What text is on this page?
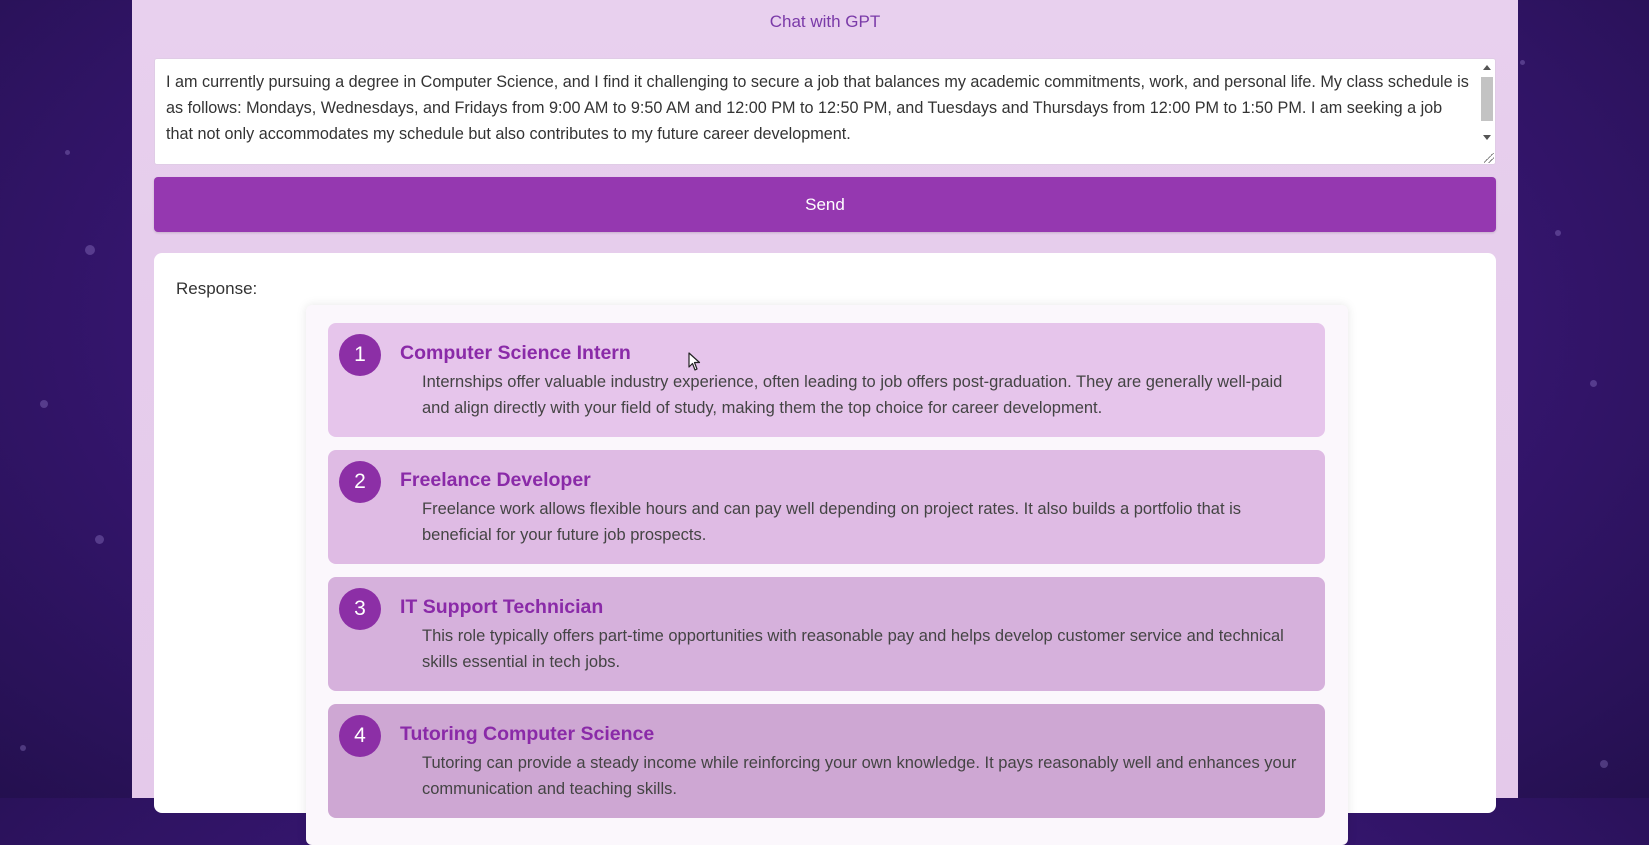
Chat with GPT
I am currently pursuing a degree in Computer Science, and I find it challenging to secure a job that balances my academic commitments, work, and personal life. My class schedule is as follows: Mondays, Wednesdays, and Fridays from 9:00 AM to 9:50 AM and 12:00 PM to 12:50 PM, and Tuesdays and Thursdays from 12:00 PM to 1:50 PM. I am seeking a job that not only accommodates my schedule but also contributes to my future career development.
Send
Response:
1	Computer Science Intern
Internships offer valuable industry experience, often leading to job offers post-graduation. They are generally well-paid and align directly with your field of study, making them the top choice for career development.
2	Freelance Developer
Freelance work allows flexible hours and can pay well depending on project rates. It also builds a portfolio that is beneficial for your future job prospects.
3	IT Support Technician
This role typically offers part-time opportunities with reasonable pay and helps develop customer service and technical skills essential in tech jobs.
4	Tutoring Computer Science
Tutoring can provide a steady income while reinforcing your own knowledge. It pays reasonably well and enhances your communication and teaching skills.
